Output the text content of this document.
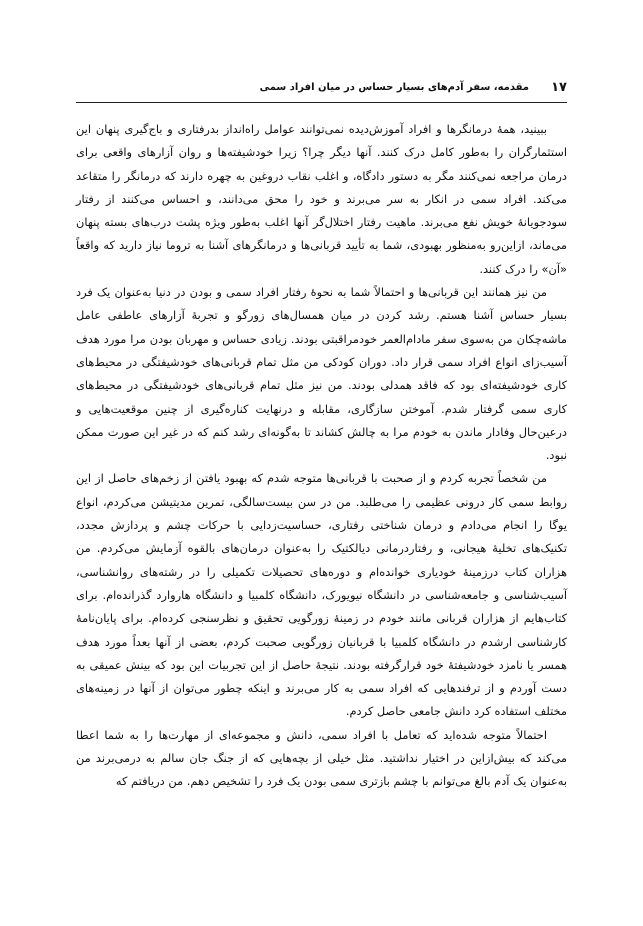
۱۷
مقدمه، سفر آدم‌های بسیار حساس در میان افراد سمی

ببینید، همهٔ درمانگرها و افراد آموزش‌دیده نمی‌توانند عوامل راه‌انداز بدرفتاری و باج‌گیری پنهان این استثمارگران را به‌طور کامل درک کنند. آنها دیگر چرا؟ زیرا خودشیفته‌ها و روان آزارهای واقعی برای درمان مراجعه نمی‌کنند مگر به دستور دادگاه، و اغلب نقاب دروغین به چهره دارند که درمانگر را متقاعد می‌کند. افراد سمی در انکار به سر می‌برند و خود را محق می‌دانند، و احساس می‌کنند از رفتار سودجویانهٔ خویش نفع می‌برند. ماهیت رفتار اختلال‌گر آنها اغلب به‌طور ویژه پشت درب‌های بسته پنهان می‌ماند، ازاین‌رو به‌منظور بهبودی، شما به تأیید قربانی‌ها و درمانگرهای آشنا به تروما نیاز دارید که واقعاً «آن» را درک کنند.

من نیز همانند این قربانی‌ها و احتمالاً شما به نحوهٔ رفتار افراد سمی و بودن در دنیا به‌عنوان یک فرد بسیار حساس آشنا هستم. رشد کردن در میان همسال‌های زورگو و تجربهٔ آزارهای عاطفی عامل ماشه‌چکان من به‌سوی سفر مادام‌العمر خودمراقبتی بودند. زیادی حساس و مهربان بودن مرا مورد هدف آسیب‌زای انواع افراد سمی قرار داد. دوران کودکی من مثل تمام قربانی‌های خودشیفتگی در محیط‌های کاری خودشیفته‌ای بود که فاقد همدلی بودند. من نیز مثل تمام قربانی‌های خودشیفتگی در محیط‌های کاری سمی گرفتار شدم. آموختن سازگاری، مقابله و درنهایت کناره‌گیری از چنین موقعیت‌هایی و درعین‌حال وفادار ماندن به خودم مرا به چالش کشاند تا به‌گونه‌ای رشد کنم که در غیر این صورت ممکن نبود.

من شخصاً تجربه کردم و از صحبت با قربانی‌ها متوجه شدم که بهبود یافتن از زخم‌های حاصل از این روابط سمی کار درونی عظیمی را می‌طلبد. من در سن بیست‌سالگی، تمرین مدیتیشن می‌کردم، انواع یوگا را انجام می‌دادم و درمان شناختی رفتاری، حساسیت‌زدایی با حرکات چشم و پردازش مجدد، تکنیک‌های تخلیهٔ هیجانی، و رفتاردرمانی دیالکتیک را به‌عنوان درمان‌های بالقوه آزمایش می‌کردم. من هزاران کتاب درزمینهٔ خودیاری خوانده‌ام و دوره‌های تحصیلات تکمیلی را در رشته‌های روانشناسی، آسیب‌شناسی و جامعه‌شناسی در دانشگاه نیویورک، دانشگاه کلمبیا و دانشگاه هاروارد گذرانده‌ام. برای کتاب‌هایم از هزاران قربانی مانند خودم در زمینهٔ زورگویی تحقیق و نظرسنجی کرده‌ام. برای پایان‌نامهٔ کارشناسی ارشدم در دانشگاه کلمبیا با قربانیان زورگویی صحبت کردم، بعضی از آنها بعداً مورد هدف همسر یا نامزد خودشیفتهٔ خود قرارگرفته بودند. نتیجهٔ حاصل از این تجربیات این بود که بینش عمیقی به دست آوردم و از ترفندهایی که افراد سمی به کار می‌برند و اینکه چطور می‌توان از آنها در زمینه‌های مختلف استفاده کرد دانش جامعی حاصل کردم.

احتمالاً متوجه شده‌اید که تعامل با افراد سمی، دانش و مجموعه‌ای از مهارت‌ها را به شما اعطا می‌کند که بیش‌ازاین در اختیار نداشتید. مثل خیلی از بچه‌هایی که از جنگ جان سالم به درمی‌برند من به‌عنوان یک آدم بالغ می‌توانم با چشم بازتری سمی بودن یک فرد را تشخیص دهم. من دریافتم که
